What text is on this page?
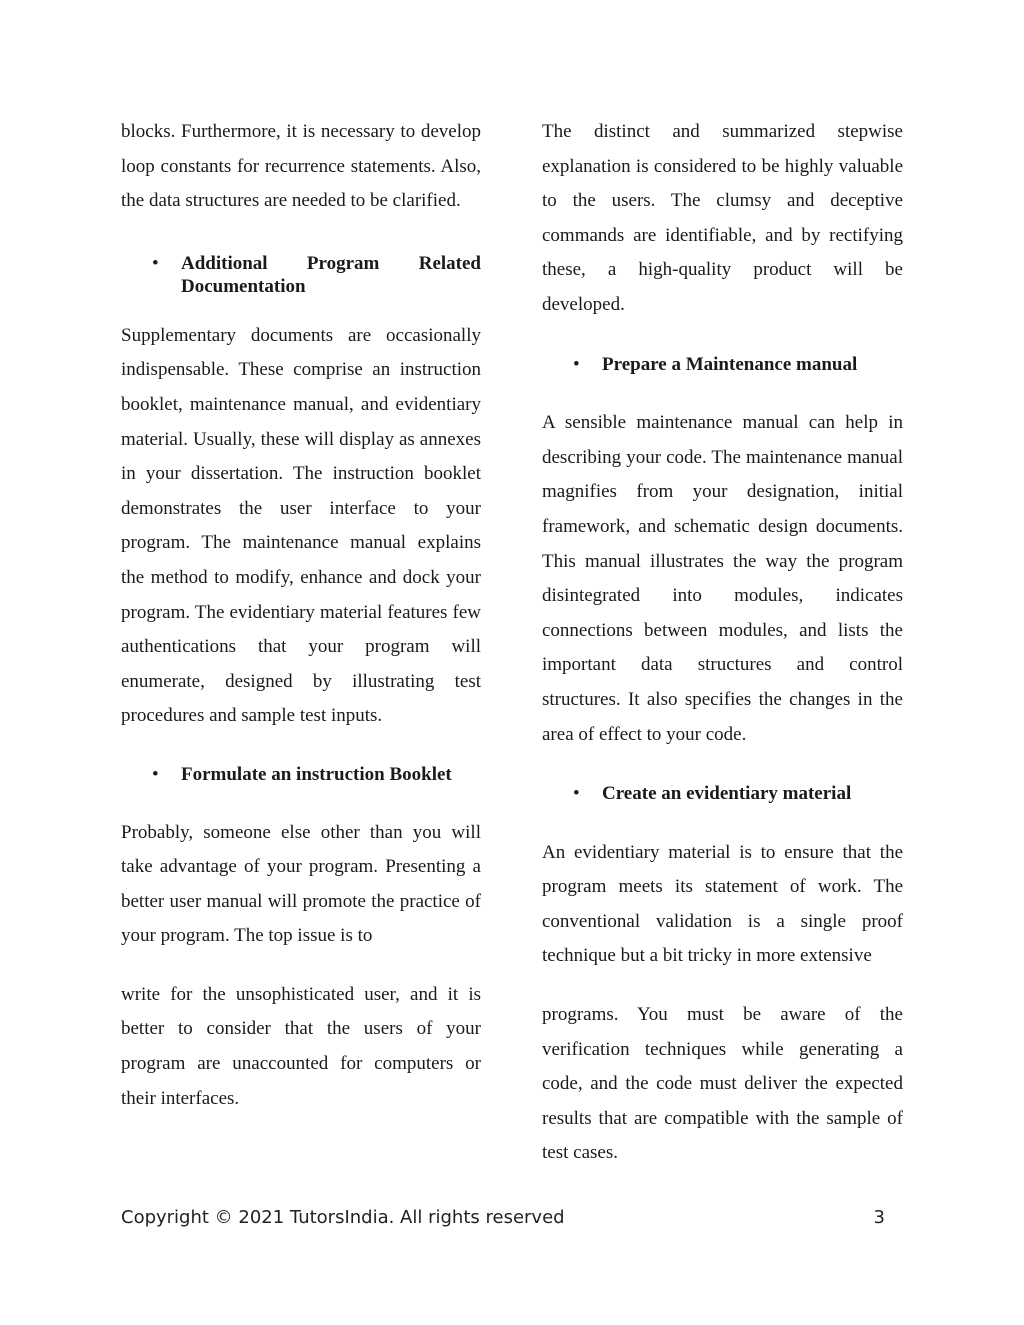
blocks. Furthermore, it is necessary to develop loop constants for recurrence statements. Also, the data structures are needed to be clarified.

• Additional Program Related Documentation

Supplementary documents are occasionally indispensable. These comprise an instruction booklet, maintenance manual, and evidentiary material. Usually, these will display as annexes in your dissertation. The instruction booklet demonstrates the user interface to your program. The maintenance manual explains the method to modify, enhance and dock your program. The evidentiary material features few authentications that your program will enumerate, designed by illustrating test procedures and sample test inputs.

• Formulate an instruction Booklet

Probably, someone else other than you will take advantage of your program. Presenting a better user manual will promote the practice of your program. The top issue is to

write for the unsophisticated user, and it is better to consider that the users of your program are unaccounted for computers or their interfaces.

The distinct and summarized stepwise explanation is considered to be highly valuable to the users. The clumsy and deceptive commands are identifiable, and by rectifying these, a high-quality product will be developed.

• Prepare a Maintenance manual

A sensible maintenance manual can help in describing your code. The maintenance manual magnifies from your designation, initial framework, and schematic design documents. This manual illustrates the way the program disintegrated into modules, indicates connections between modules, and lists the important data structures and control structures. It also specifies the changes in the area of effect to your code.

• Create an evidentiary material

An evidentiary material is to ensure that the program meets its statement of work. The conventional validation is a single proof technique but a bit tricky in more extensive

programs. You must be aware of the verification techniques while generating a code, and the code must deliver the expected results that are compatible with the sample of test cases.

Copyright © 2021 TutorsIndia. All rights reserved	3
